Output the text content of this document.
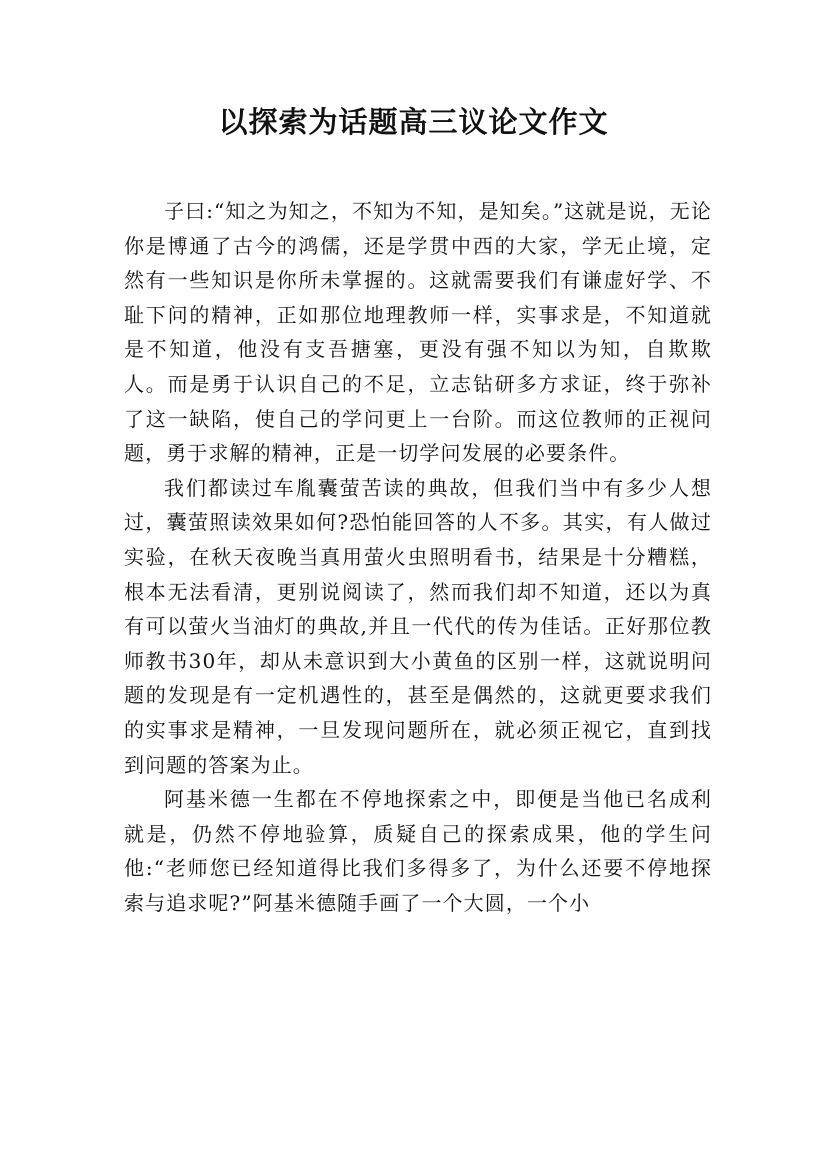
以探索为话题高三议论文作文

子曰:“知之为知之，不知为不知，是知矣。”这就是说，无论你是博通了古今的鸿儒，还是学贯中西的大家，学无止境，定然有一些知识是你所未掌握的。这就需要我们有谦虚好学、不耻下问的精神，正如那位地理教师一样，实事求是，不知道就是不知道，他没有支吾搪塞，更没有强不知以为知，自欺欺人。而是勇于认识自己的不足，立志钻研多方求证，终于弥补了这一缺陷，使自己的学问更上一台阶。而这位教师的正视问题，勇于求解的精神，正是一切学问发展的必要条件。

我们都读过车胤囊萤苦读的典故，但我们当中有多少人想过，囊萤照读效果如何?恐怕能回答的人不多。其实，有人做过实验，在秋天夜晚当真用萤火虫照明看书，结果是十分糟糕，根本无法看清，更别说阅读了，然而我们却不知道，还以为真有可以萤火当油灯的典故,并且一代代的传为佳话。正好那位教师教书30年，却从未意识到大小黄鱼的区别一样，这就说明问题的发现是有一定机遇性的，甚至是偶然的，这就更要求我们的实事求是精神，一旦发现问题所在，就必须正视它，直到找到问题的答案为止。

阿基米德一生都在不停地探索之中，即便是当他已名成利就是，仍然不停地验算，质疑自己的探索成果，他的学生问他:“老师您已经知道得比我们多得多了，为什么还要不停地探索与追求呢?”阿基米德随手画了一个大圆，一个小
